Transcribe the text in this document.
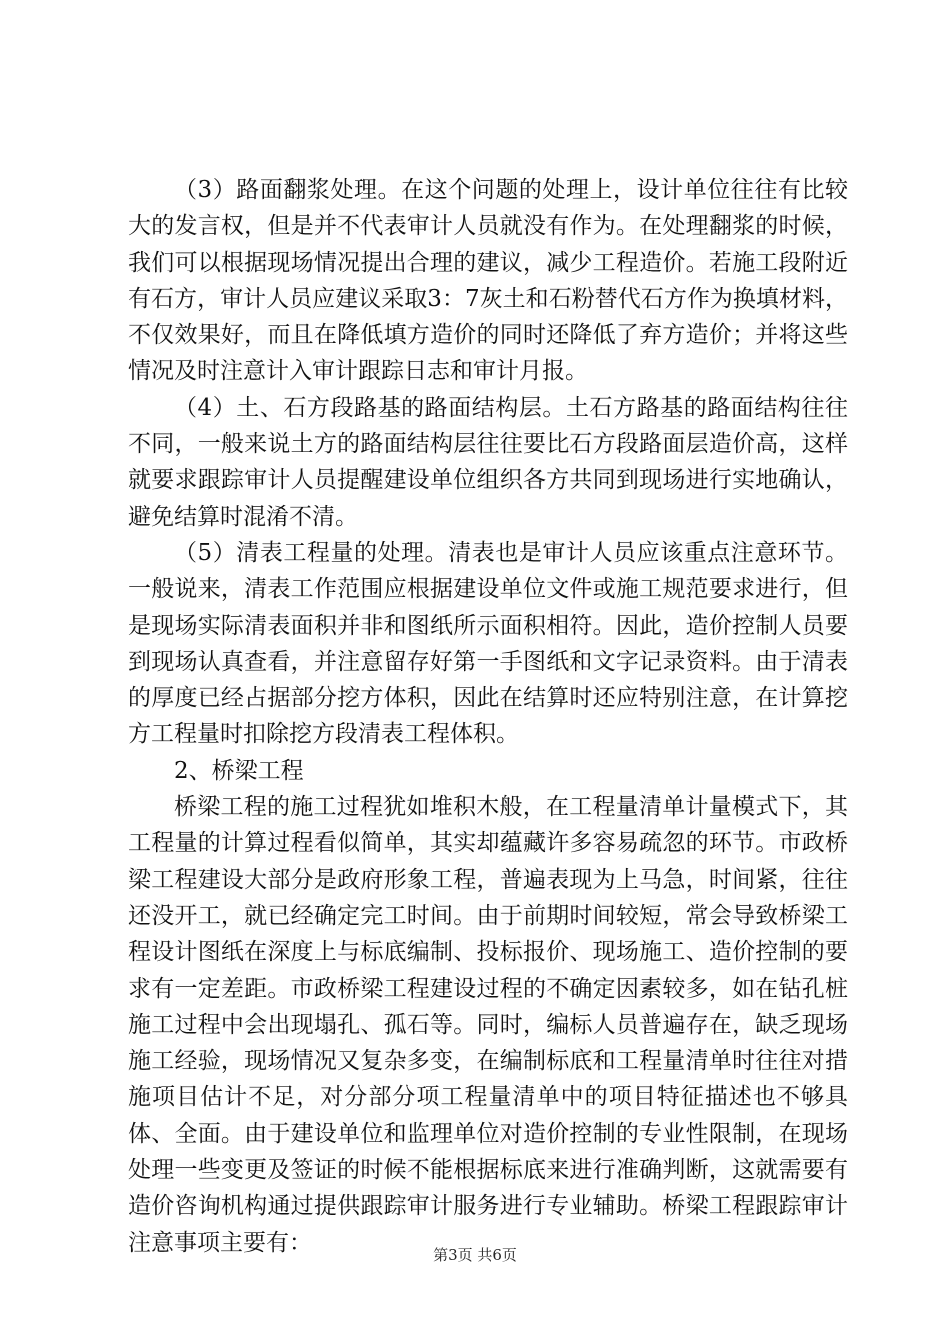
（3）路面翻浆处理。在这个问题的处理上，设计单位往往有比较大的发言权，但是并不代表审计人员就没有作为。在处理翻浆的时候，我们可以根据现场情况提出合理的建议，减少工程造价。若施工段附近有石方，审计人员应建议采取3：7灰土和石粉替代石方作为换填材料，不仅效果好，而且在降低填方造价的同时还降低了弃方造价；并将这些情况及时注意计入审计跟踪日志和审计月报。

（4）土、石方段路基的路面结构层。土石方路基的路面结构往往不同，一般来说土方的路面结构层往往要比石方段路面层造价高，这样就要求跟踪审计人员提醒建设单位组织各方共同到现场进行实地确认，避免结算时混淆不清。

（5）清表工程量的处理。清表也是审计人员应该重点注意环节。一般说来，清表工作范围应根据建设单位文件或施工规范要求进行，但是现场实际清表面积并非和图纸所示面积相符。因此，造价控制人员要到现场认真查看，并注意留存好第一手图纸和文字记录资料。由于清表的厚度已经占据部分挖方体积，因此在结算时还应特别注意，在计算挖方工程量时扣除挖方段清表工程体积。

2、桥梁工程

桥梁工程的施工过程犹如堆积木般，在工程量清单计量模式下，其工程量的计算过程看似简单，其实却蕴藏许多容易疏忽的环节。市政桥梁工程建设大部分是政府形象工程，普遍表现为上马急，时间紧，往往还没开工，就已经确定完工时间。由于前期时间较短，常会导致桥梁工程设计图纸在深度上与标底编制、投标报价、现场施工、造价控制的要求有一定差距。市政桥梁工程建设过程的不确定因素较多，如在钻孔桩施工过程中会出现塌孔、孤石等。同时，编标人员普遍存在，缺乏现场施工经验，现场情况又复杂多变，在编制标底和工程量清单时往往对措施项目估计不足，对分部分项工程量清单中的项目特征描述也不够具体、全面。由于建设单位和监理单位对造价控制的专业性限制，在现场处理一些变更及签证的时候不能根据标底来进行准确判断，这就需要有造价咨询机构通过提供跟踪审计服务进行专业辅助。桥梁工程跟踪审计注意事项主要有：	第3页 共6页
